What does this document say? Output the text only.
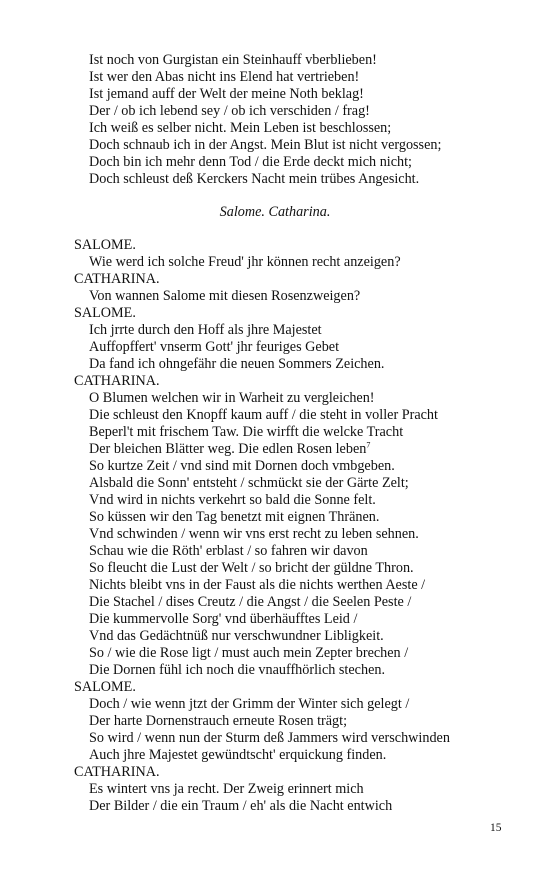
Ist noch von Gurgistan ein Steinhauff vberblieben!
Ist wer den Abas nicht ins Elend hat vertrieben!
Ist jemand auff der Welt der meine Noth beklag!
Der / ob ich lebend sey / ob ich verschiden / frag!
Ich weiß es selber nicht. Mein Leben ist beschlossen;
Doch schnaub ich in der Angst. Mein Blut ist nicht vergossen;
Doch bin ich mehr denn Tod / die Erde deckt mich nicht;
Doch schleust deß Kerckers Nacht mein trübes Angesicht.
Salome. Catharina.
SALOME.
Wie werd ich solche Freud' jhr können recht anzeigen?
CATHARINA.
Von wannen Salome mit diesen Rosenzweigen?
SALOME.
Ich jrrte durch den Hoff als jhre Majestet
Auffopffert' vnserm Gott' jhr feuriges Gebet
Da fand ich ohngefähr die neuen Sommers Zeichen.
CATHARINA.
O Blumen welchen wir in Warheit zu vergleichen!
Die schleust den Knopff kaum auff / die steht in voller Pracht
Beperl't mit frischem Taw. Die wirfft die welcke Tracht
Der bleichen Blätter weg. Die edlen Rosen leben$^7$
So kurtze Zeit / vnd sind mit Dornen doch vmbgeben.
Alsbald die Sonn' entsteht / schmückt sie der Gärte Zelt;
Vnd wird in nichts verkehrt so bald die Sonne felt.
So küssen wir den Tag benetzt mit eignen Thränen.
Vnd schwinden / wenn wir vns erst recht zu leben sehnen.
Schau wie die Röth' erblast / so fahren wir davon
So fleucht die Lust der Welt / so bricht der güldne Thron.
Nichts bleibt vns in der Faust als die nichts werthen Aeste /
Die Stachel / dises Creutz / die Angst / die Seelen Peste /
Die kummervolle Sorg' vnd überhäufftes Leid /
Vnd das Gedächtnüß nur verschwundner Libligkeit.
So / wie die Rose ligt / must auch mein Zepter brechen /
Die Dornen fühl ich noch die vnauffhörlich stechen.
SALOME.
Doch / wie wenn jtzt der Grimm der Winter sich gelegt /
Der harte Dornenstrauch erneute Rosen trägt;
So wird / wenn nun der Sturm deß Jammers wird verschwinden
Auch jhre Majestet gewündtscht' erquickung finden.
CATHARINA.
Es wintert vns ja recht. Der Zweig erinnert mich
Der Bilder / die ein Traum / eh' als die Nacht entwich
15
